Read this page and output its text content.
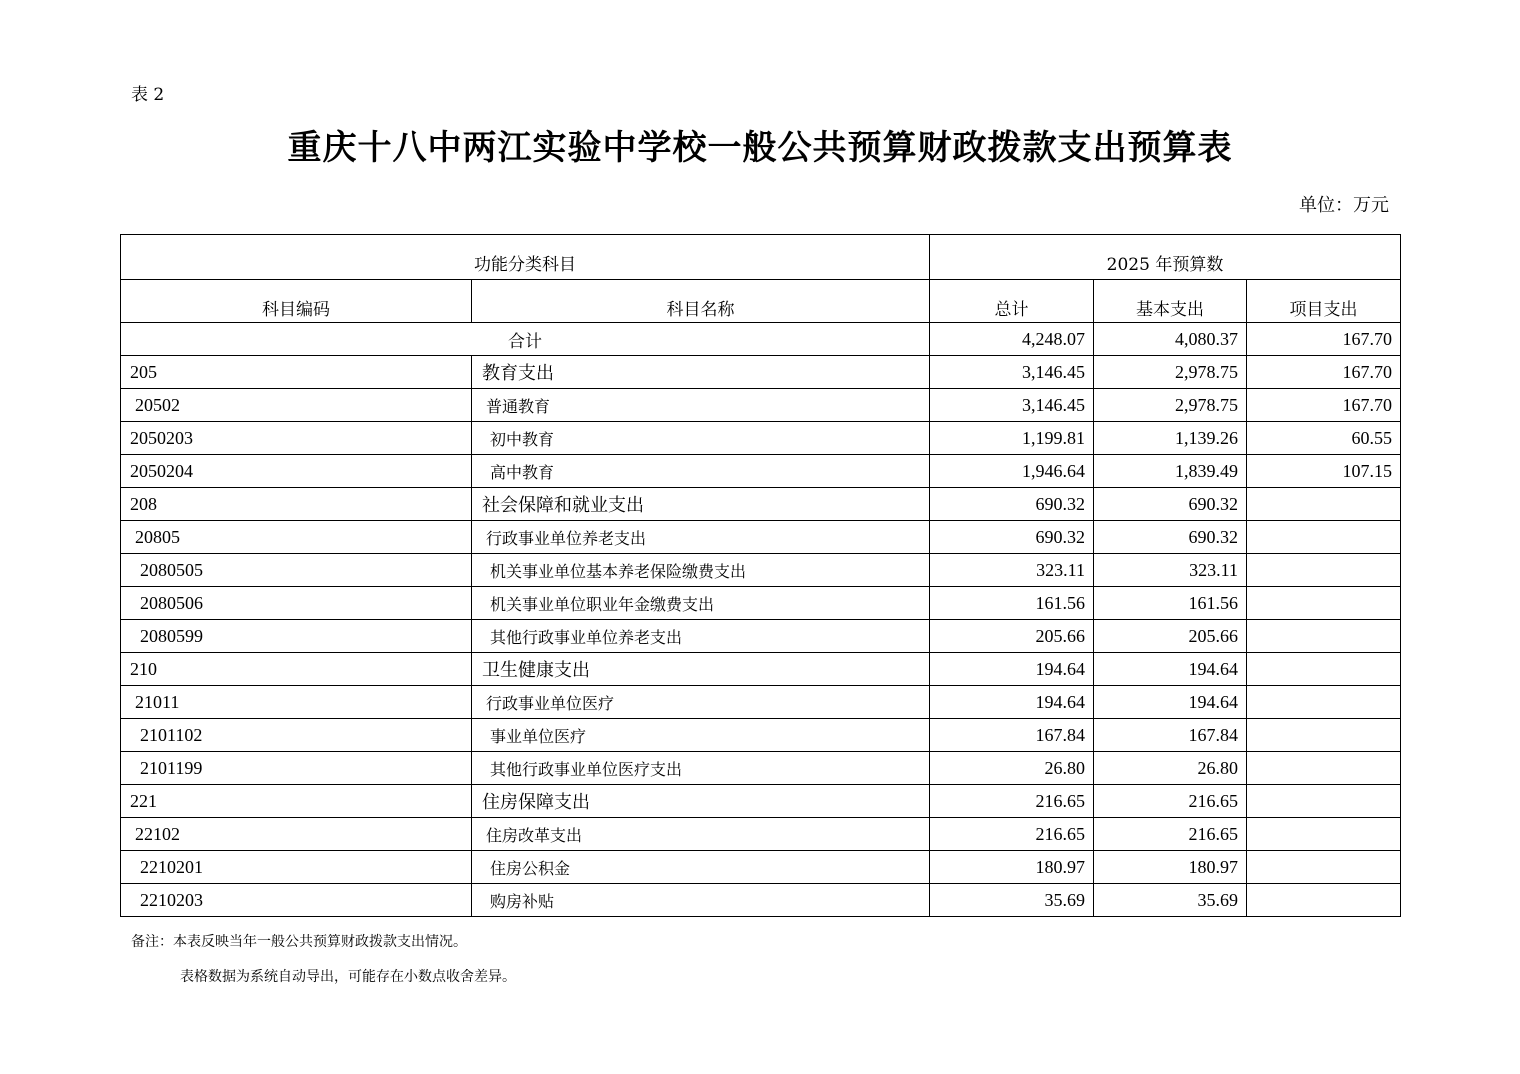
表 2
重庆十八中两江实验中学校一般公共预算财政拨款支出预算表
单位：万元
功能分类科目		2025 年预算数		
科目编码	科目名称	总计	基本支出	项目支出
合计		4,248.07	4,080.37	167.70
205	教育支出	3,146.45	2,978.75	167.70
20502	普通教育	3,146.45	2,978.75	167.70
2050203	初中教育	1,199.81	1,139.26	60.55
2050204	高中教育	1,946.64	1,839.49	107.15
208	社会保障和就业支出	690.32	690.32	
20805	行政事业单位养老支出	690.32	690.32	
2080505	机关事业单位基本养老保险缴费支出	323.11	323.11	
2080506	机关事业单位职业年金缴费支出	161.56	161.56	
2080599	其他行政事业单位养老支出	205.66	205.66	
210	卫生健康支出	194.64	194.64	
21011	行政事业单位医疗	194.64	194.64	
2101102	事业单位医疗	167.84	167.84	
2101199	其他行政事业单位医疗支出	26.80	26.80	
221	住房保障支出	216.65	216.65	
22102	住房改革支出	216.65	216.65	
2210201	住房公积金	180.97	180.97	
2210203	购房补贴	35.69	35.69	
备注：本表反映当年一般公共预算财政拨款支出情况。
表格数据为系统自动导出，可能存在小数点收舍差异。
